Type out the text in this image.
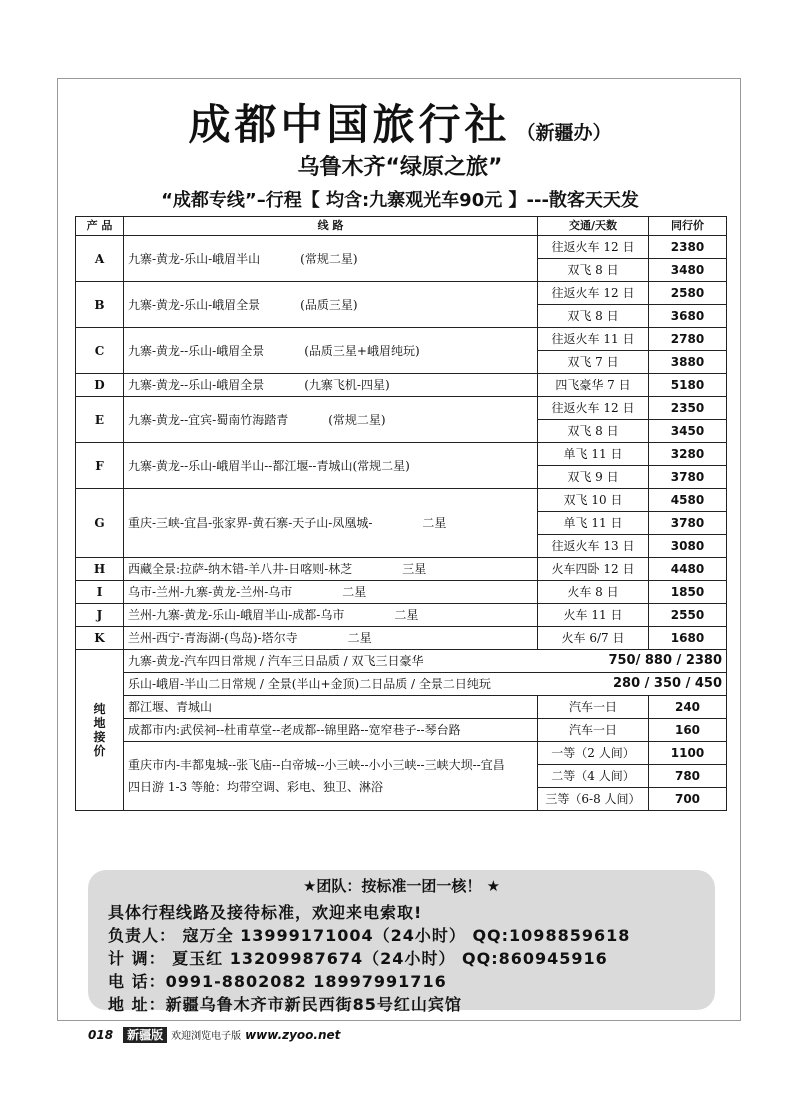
成都中国旅行社 （新疆办）
乌鲁木齐“绿原之旅”
“成都专线”–行程【 均含:九寨观光车90元 】---散客天天发
产 品	线 路	交通/天数	同行价
A	九寨-黄龙-乐山-峨眉半山 (常规二星)	往返火车 12 日	2380
		双飞 8 日	3480
B	九寨-黄龙-乐山-峨眉全景 (品质三星)	往返火车 12 日	2580
		双飞 8 日	3680
C	九寨-黄龙--乐山-峨眉全景 (品质三星+峨眉纯玩)	往返火车 11 日	2780
		双飞 7 日	3880
D	九寨-黄龙--乐山-峨眉全景 (九寨飞机-四星)	四飞豪华 7 日	5180
E	九寨-黄龙--宜宾-蜀南竹海踏青 (常规二星)	往返火车 12 日	2350
		双飞 8 日	3450
F	九寨-黄龙--乐山-峨眉半山--都江堰--青城山(常规二星)	单飞 11 日	3280
		双飞 9 日	3780
G	重庆-三峡-宜昌-张家界-黄石寨-天子山-凤凰城- 二星	双飞 10 日	4580
		单飞 11 日	3780
		往返火车 13 日	3080
H	西藏全景:拉萨-纳木错-羊八井-日喀则-林芝 三星	火车四卧 12 日	4480
I	乌市-兰州-九寨-黄龙-兰州-乌市 二星	火车 8 日	1850
J	兰州-九寨-黄龙-乐山-峨眉半山-成都-乌市 二星	火车 11 日	2550
K	兰州-西宁-青海湖-(鸟岛)-塔尔寺 二星	火车 6/7 日	1680
纯地接价	九寨-黄龙-汽车四日常规 / 汽车三日品质 / 双飞三日豪华 750/ 880 / 2380		

	乐山-峨眉-半山二日常规 / 全景(半山+金顶)二日品质 / 全景二日纯玩 280 / 350 / 450		

	都江堰、青城山	汽车一日	240
	成都市内:武侯祠--杜甫草堂--老成都--锦里路--宽窄巷子--琴台路	汽车一日	160

	重庆市内-丰都鬼城--张飞庙--白帝城--小三峡--小小三峡--三峡大坝--宜昌
四日游 1-3 等舱：均带空调、彩电、独卫、淋浴	一等（2 人间）	1100
		二等（4 人间）	780
		三等（6-8 人间）	700
★团队：按标准一团一核！ ★
具体行程线路及接待标准，欢迎来电索取!
负责人： 寇万全 13999171004（24小时） QQ:1098859618
计 调： 夏玉红 13209987674（24小时） QQ:860945916
电 话：0991-8802082 18997991716
地 址：新疆乌鲁木齐市新民西街85号红山宾馆
018 新疆版 欢迎浏览电子版 www.zyoo.net
